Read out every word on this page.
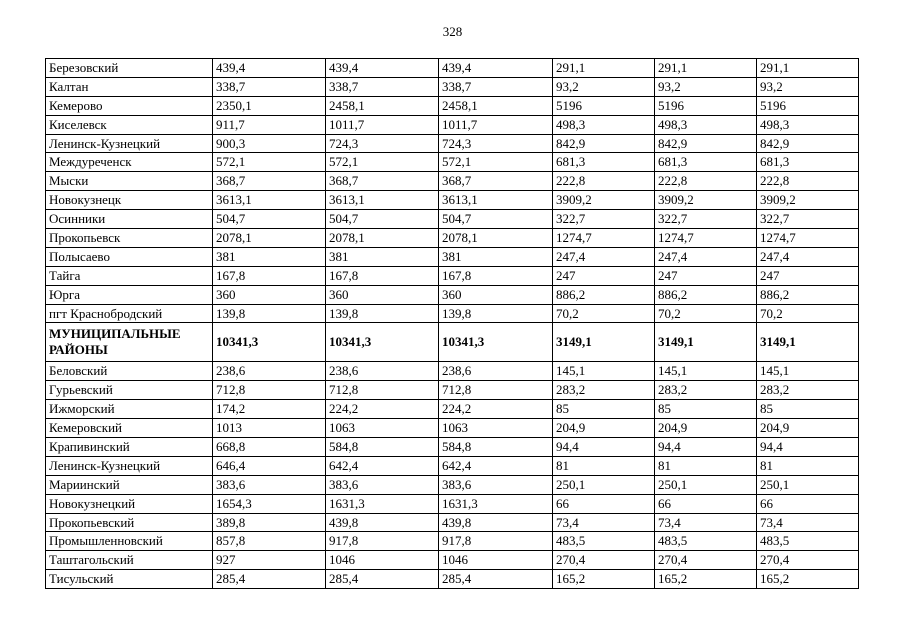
328
Березовский	439,4	439,4	439,4	291,1	291,1	291,1
Калтан	338,7	338,7	338,7	93,2	93,2	93,2
Кемерово	2350,1	2458,1	2458,1	5196	5196	5196
Киселевск	911,7	1011,7	1011,7	498,3	498,3	498,3
Ленинск-Кузнецкий	900,3	724,3	724,3	842,9	842,9	842,9
Междуреченск	572,1	572,1	572,1	681,3	681,3	681,3
Мыски	368,7	368,7	368,7	222,8	222,8	222,8
Новокузнецк	3613,1	3613,1	3613,1	3909,2	3909,2	3909,2
Осинники	504,7	504,7	504,7	322,7	322,7	322,7
Прокопьевск	2078,1	2078,1	2078,1	1274,7	1274,7	1274,7
Полысаево	381	381	381	247,4	247,4	247,4
Тайга	167,8	167,8	167,8	247	247	247
Юрга	360	360	360	886,2	886,2	886,2
пгт Краснобродский	139,8	139,8	139,8	70,2	70,2	70,2
МУНИЦИПАЛЬНЫЕ РАЙОНЫ	10341,3	10341,3	10341,3	3149,1	3149,1	3149,1
Беловский	238,6	238,6	238,6	145,1	145,1	145,1
Гурьевский	712,8	712,8	712,8	283,2	283,2	283,2
Ижморский	174,2	224,2	224,2	85	85	85
Кемеровский	1013	1063	1063	204,9	204,9	204,9
Крапивинский	668,8	584,8	584,8	94,4	94,4	94,4
Ленинск-Кузнецкий	646,4	642,4	642,4	81	81	81
Мариинский	383,6	383,6	383,6	250,1	250,1	250,1
Новокузнецкий	1654,3	1631,3	1631,3	66	66	66
Прокопьевский	389,8	439,8	439,8	73,4	73,4	73,4
Промышленновский	857,8	917,8	917,8	483,5	483,5	483,5
Таштагольский	927	1046	1046	270,4	270,4	270,4
Тисульский	285,4	285,4	285,4	165,2	165,2	165,2
